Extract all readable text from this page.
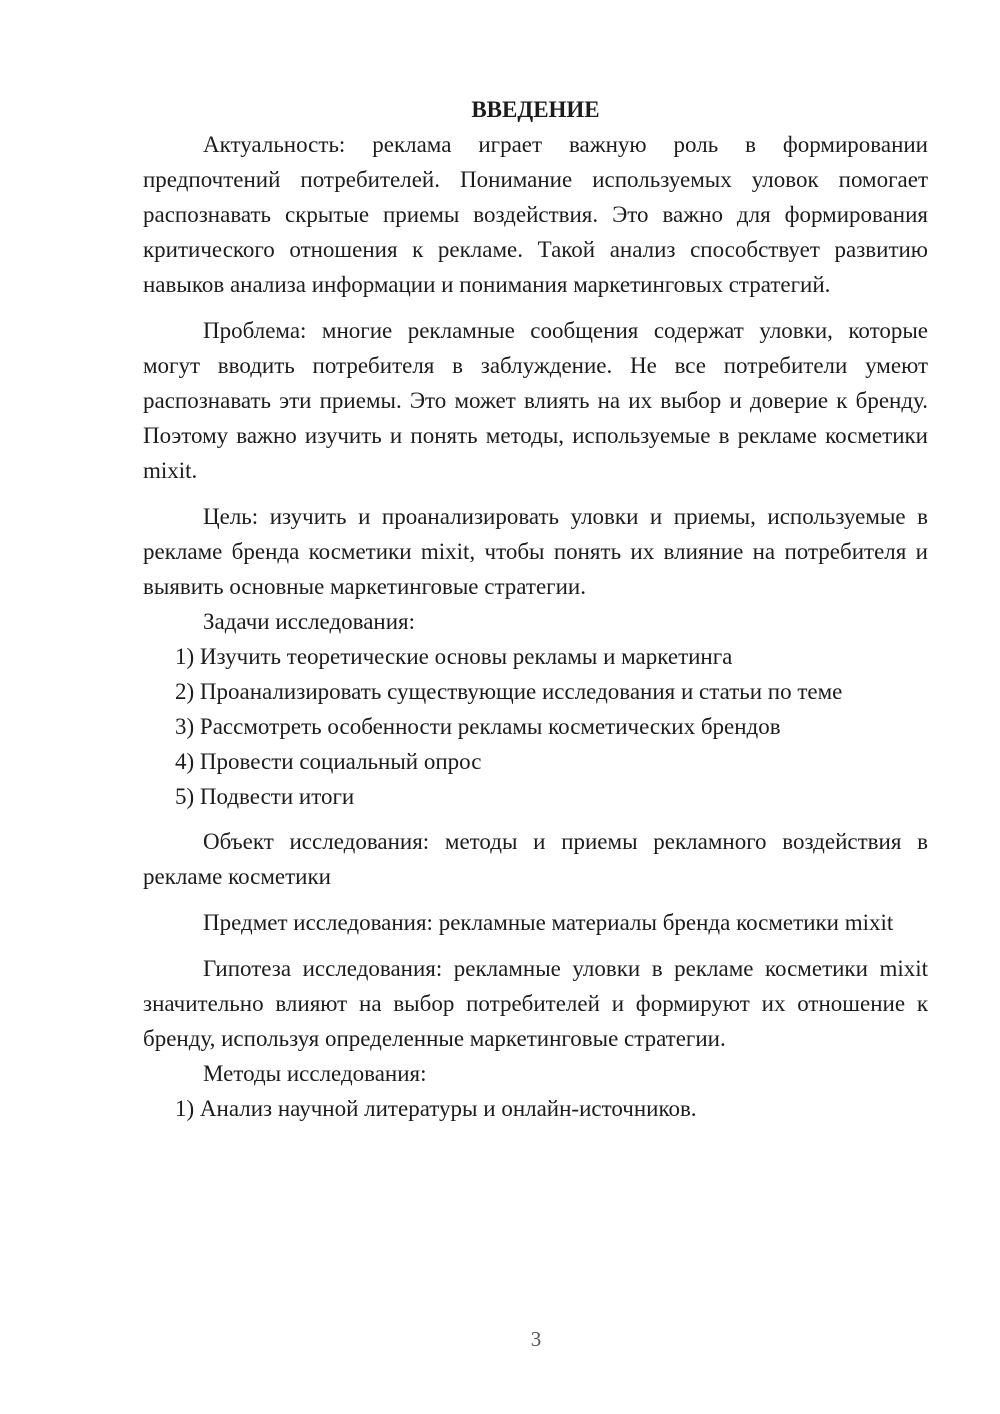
ВВЕДЕНИЕ

Актуальность: реклама играет важную роль в формировании предпочтений потребителей. Понимание используемых уловок помогает распознавать скрытые приемы воздействия. Это важно для формирования критического отношения к рекламе. Такой анализ способствует развитию навыков анализа информации и понимания маркетинговых стратегий.

Проблема: многие рекламные сообщения содержат уловки, которые могут вводить потребителя в заблуждение. Не все потребители умеют распознавать эти приемы. Это может влиять на их выбор и доверие к бренду. Поэтому важно изучить и понять методы, используемые в рекламе косметики mixit.

Цель: изучить и проанализировать уловки и приемы, используемые в рекламе бренда косметики mixit, чтобы понять их влияние на потребителя и выявить основные маркетинговые стратегии.

Задачи исследования:

1) Изучить теоретические основы рекламы и маркетинга

2) Проанализировать существующие исследования и статьи по теме

3) Рассмотреть особенности рекламы косметических брендов

4) Провести социальный опрос

5) Подвести итоги

Объект исследования: методы и приемы рекламного воздействия в рекламе косметики

Предмет исследования: рекламные материалы бренда косметики mixit

Гипотеза исследования: рекламные уловки в рекламе косметики mixit значительно влияют на выбор потребителей и формируют их отношение к бренду, используя определенные маркетинговые стратегии.

Методы исследования:

1) Анализ научной литературы и онлайн-источников.

3
